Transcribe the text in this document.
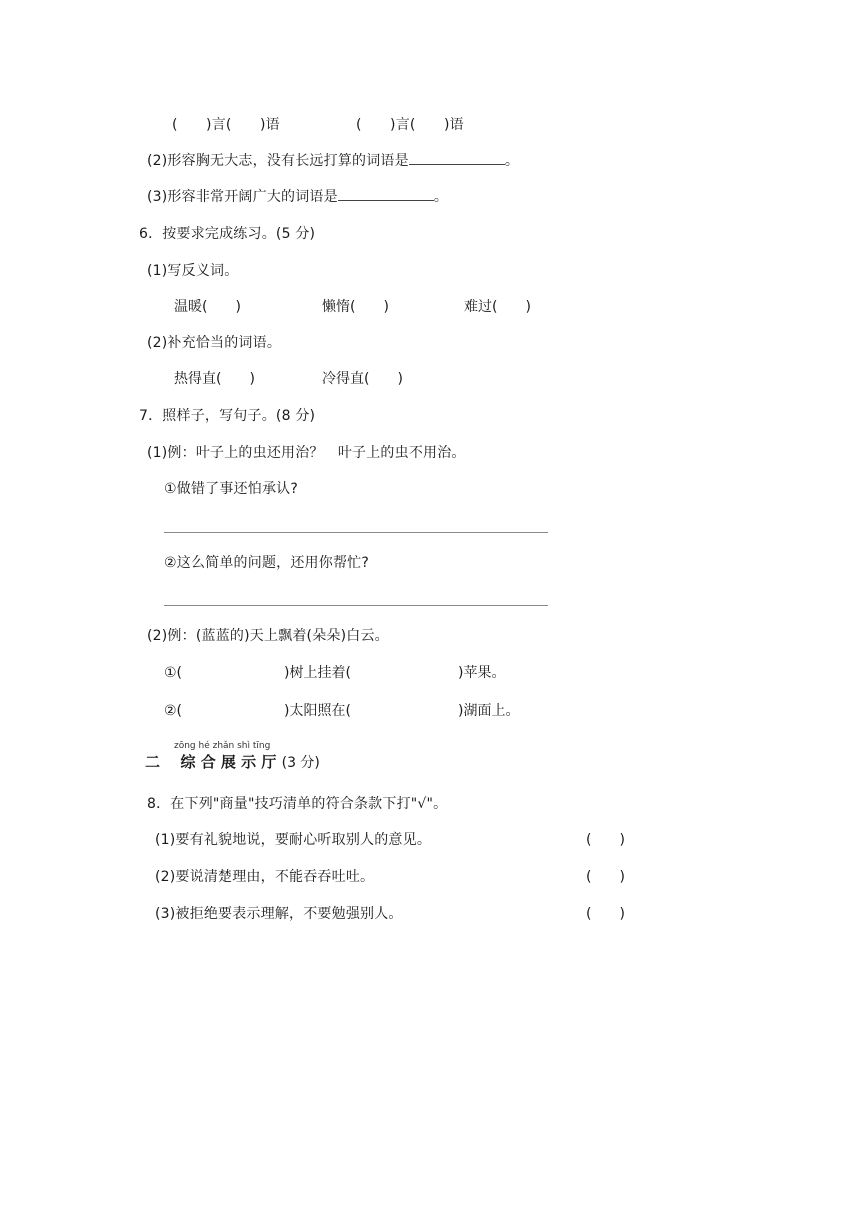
(　　)言(　　)语	(　　)言(　　)语
(2)形容胸无大志，没有长远打算的词语是	。
(3)形容非常开阔广大的词语是	。
6．按要求完成练习。(5 分)
(1)写反义词。
温暖(　　)	懒惰(　　)	难过(　　)
(2)补充恰当的词语。
热得直(　　)	冷得直(　　)
7．照样子，写句子。(8 分)
(1)例：叶子上的虫还用治？　叶子上的虫不用治。
①做错了事还怕承认?
②这么简单的问题，还用你帮忙?
(2)例：(蓝蓝的)天上飘着(朵朵)白云。
①(	)树上挂着(	)苹果。
②(	)太阳照在(	)湖面上。
zōng hé zhǎn shì tīng
二 综 合 展 示 厅 (3 分)
8．在下列"商量"技巧清单的符合条款下打"√"。
(1)要有礼貌地说，要耐心听取别人的意见。	(　　)
(2)要说清楚理由，不能吞吞吐吐。	(　　)
(3)被拒绝要表示理解，不要勉强别人。	(　　)
